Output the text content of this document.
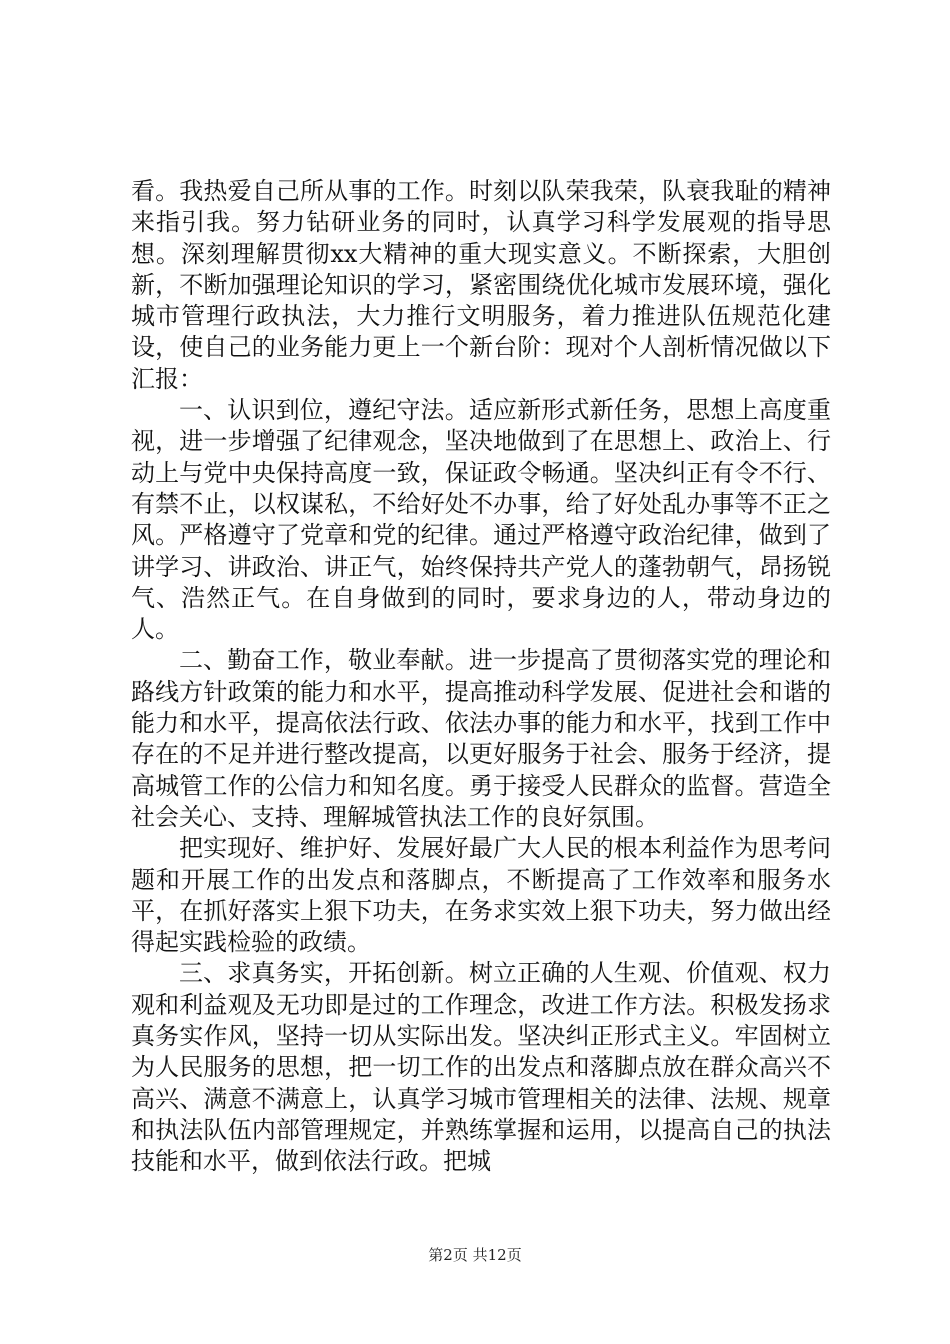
看。我热爱自己所从事的工作。时刻以队荣我荣，队衰我耻的精神来指引我。努力钻研业务的同时，认真学习科学发展观的指导思想。深刻理解贯彻xx大精神的重大现实意义。不断探索，大胆创新，不断加强理论知识的学习，紧密围绕优化城市发展环境，强化城市管理行政执法，大力推行文明服务，着力推进队伍规范化建设，使自己的业务能力更上一个新台阶：现对个人剖析情况做以下汇报：

一、认识到位，遵纪守法。适应新形式新任务，思想上高度重视，进一步增强了纪律观念，坚决地做到了在思想上、政治上、行动上与党中央保持高度一致，保证政令畅通。坚决纠正有令不行、有禁不止，以权谋私，不给好处不办事，给了好处乱办事等不正之风。严格遵守了党章和党的纪律。通过严格遵守政治纪律，做到了讲学习、讲政治、讲正气，始终保持共产党人的蓬勃朝气，昂扬锐气、浩然正气。在自身做到的同时，要求身边的人，带动身边的人。

二、勤奋工作，敬业奉献。进一步提高了贯彻落实党的理论和路线方针政策的能力和水平，提高推动科学发展、促进社会和谐的能力和水平，提高依法行政、依法办事的能力和水平，找到工作中存在的不足并进行整改提高，以更好服务于社会、服务于经济，提高城管工作的公信力和知名度。勇于接受人民群众的监督。营造全社会关心、支持、理解城管执法工作的良好氛围。

把实现好、维护好、发展好最广大人民的根本利益作为思考问题和开展工作的出发点和落脚点，不断提高了工作效率和服务水平，在抓好落实上狠下功夫，在务求实效上狠下功夫，努力做出经得起实践检验的政绩。

三、求真务实，开拓创新。树立正确的人生观、价值观、权力观和利益观及无功即是过的工作理念，改进工作方法。积极发扬求真务实作风，坚持一切从实际出发。坚决纠正形式主义。牢固树立为人民服务的思想，把一切工作的出发点和落脚点放在群众高兴不高兴、满意不满意上，认真学习城市管理相关的法律、法规、规章和执法队伍内部管理规定，并熟练掌握和运用，以提高自己的执法技能和水平，做到依法行政。把城

第2页 共12页
